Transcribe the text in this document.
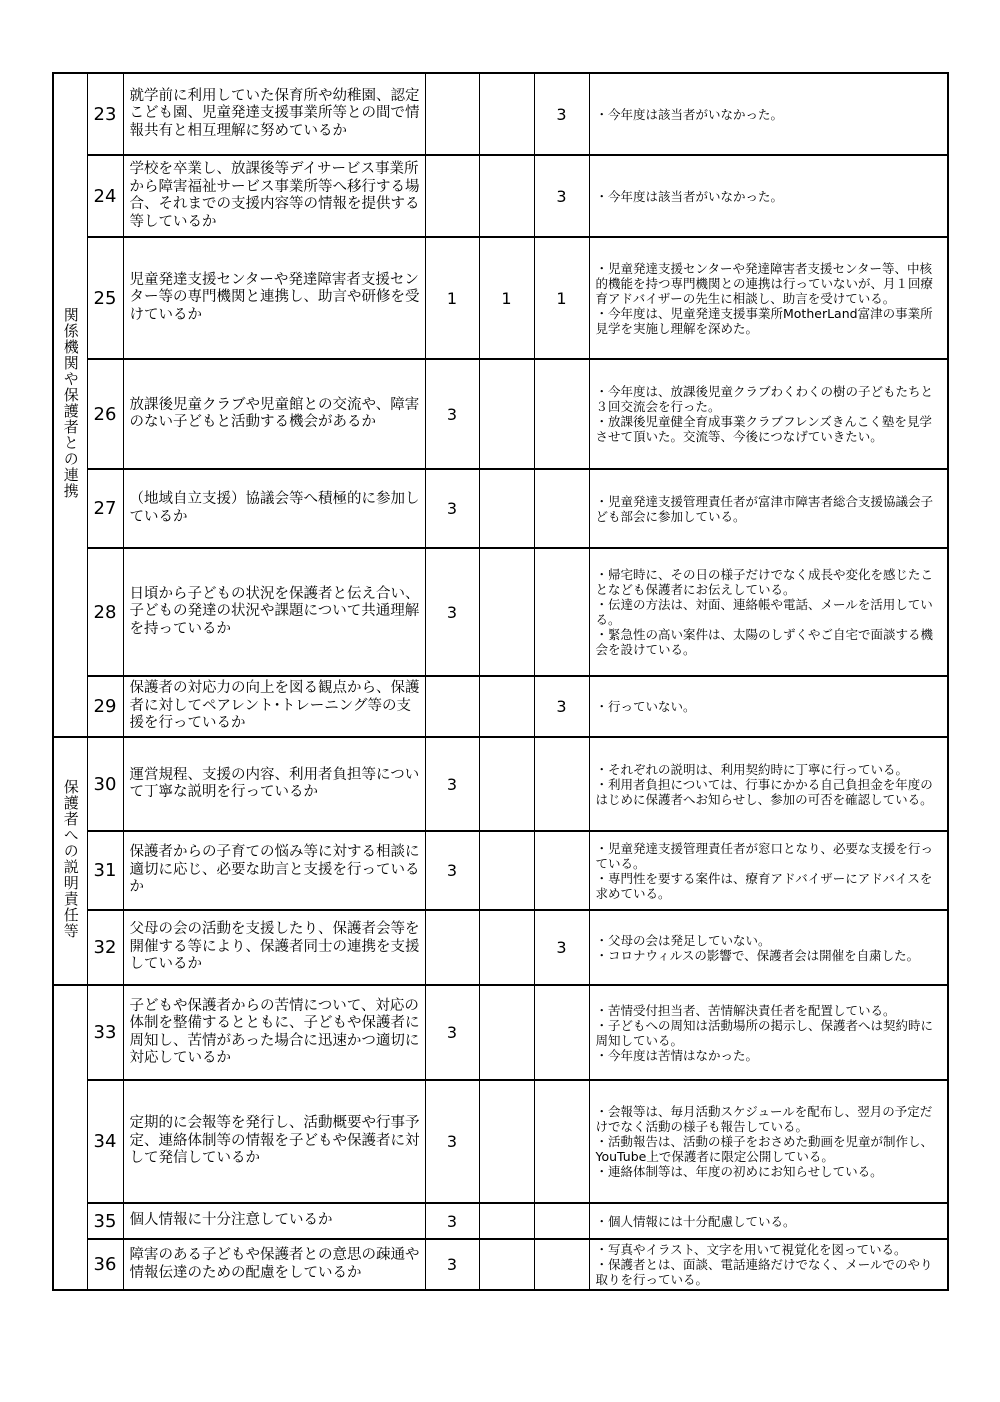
関係機関や保護者との連携	23	就学前に利用していた保育所や幼稚園、認定こども園、児童発達支援事業所等との間で情報共有と相互理解に努めているか			3	・今年度は該当者がいなかった。
	24	学校を卒業し、放課後等デイサービス事業所から障害福祉サービス事業所等へ移行する場合、それまでの支援内容等の情報を提供する等しているか			3	・今年度は該当者がいなかった。
	25	児童発達支援センターや発達障害者支援センター等の専門機関と連携し、助言や研修を受けているか	1	1	1	・児童発達支援センターや発達障害者支援センター等、中核的機能を持つ専門機関との連携は行っていないが、月１回療育アドバイザーの先生に相談し、助言を受けている。
・今年度は、児童発達支援事業所MotherLand富津の事業所見学を実施し理解を深めた。
	26	放課後児童クラブや児童館との交流や、障害のない子どもと活動する機会があるか	3			・今年度は、放課後児童クラブわくわくの樹の子どもたちと３回交流会を行った。
・放課後児童健全育成事業クラブフレンズきんこく塾を見学させて頂いた。交流等、今後につなげていきたい。
	27	（地域自立支援）協議会等へ積極的に参加しているか	3			・児童発達支援管理責任者が富津市障害者総合支援協議会子ども部会に参加している。
	28	日頃から子どもの状況を保護者と伝え合い、子どもの発達の状況や課題について共通理解を持っているか	3			・帰宅時に、その日の様子だけでなく成長や変化を感じたことなども保護者にお伝えしている。
・伝達の方法は、対面、連絡帳や電話、メールを活用している。
・緊急性の高い案件は、太陽のしずくやご自宅で面談する機会を設けている。
	29	保護者の対応力の向上を図る観点から、保護者に対してペアレント･トレーニング等の支援を行っているか			3	・行っていない。
保護者への説明責任等	30	運営規程、支援の内容、利用者負担等について丁寧な説明を行っているか	3			・それぞれの説明は、利用契約時に丁寧に行っている。
・利用者負担については、行事にかかる自己負担金を年度のはじめに保護者へお知らせし、参加の可否を確認している。
	31	保護者からの子育ての悩み等に対する相談に適切に応じ、必要な助言と支援を行っているか	3			・児童発達支援管理責任者が窓口となり、必要な支援を行っている。
・専門性を要する案件は、療育アドバイザーにアドバイスを求めている。
	32	父母の会の活動を支援したり、保護者会等を開催する等により、保護者同士の連携を支援しているか			3	・父母の会は発足していない。
・コロナウィルスの影響で、保護者会は開催を自粛した。
	33	子どもや保護者からの苦情について、対応の体制を整備するとともに、子どもや保護者に周知し、苦情があった場合に迅速かつ適切に対応しているか	3			・苦情受付担当者、苦情解決責任者を配置している。
・子どもへの周知は活動場所の掲示し、保護者へは契約時に周知している。
・今年度は苦情はなかった。
	34	定期的に会報等を発行し、活動概要や行事予定、連絡体制等の情報を子どもや保護者に対して発信しているか	3			・会報等は、毎月活動スケジュールを配布し、翌月の予定だけでなく活動の様子も報告している。
・活動報告は、活動の様子をおさめた動画を児童が制作し、YouTube上で保護者に限定公開している。
・連絡体制等は、年度の初めにお知らせしている。
	35	個人情報に十分注意しているか	3			・個人情報には十分配慮している。
	36	障害のある子どもや保護者との意思の疎通や情報伝達のための配慮をしているか	3			・写真やイラスト、文字を用いて視覚化を図っている。
・保護者とは、面談、電話連絡だけでなく、メールでのやり取りを行っている。
